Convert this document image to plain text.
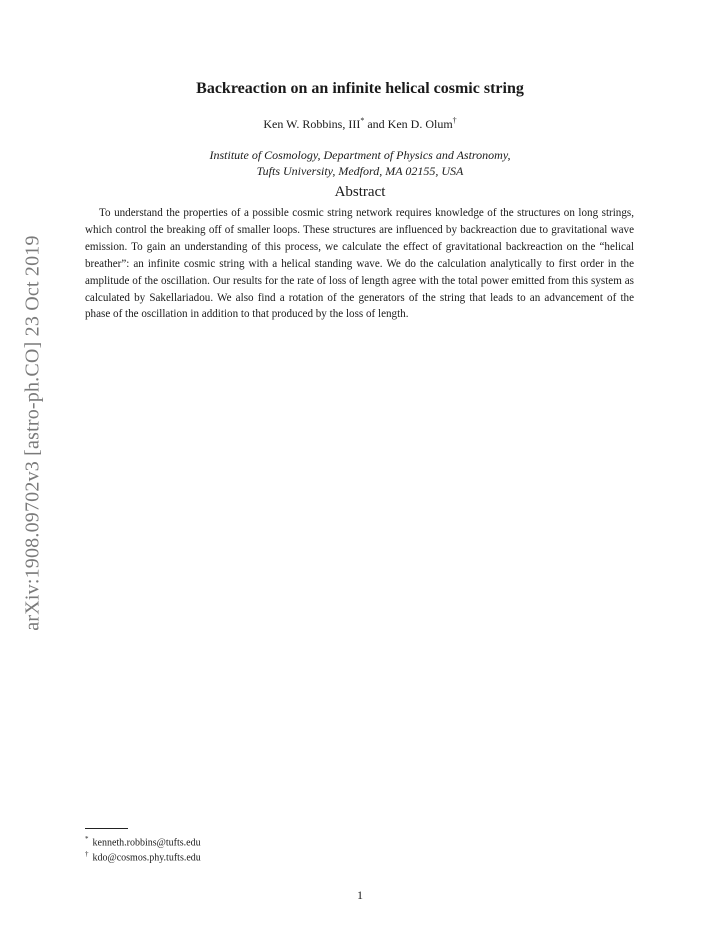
arXiv:1908.09702v3 [astro-ph.CO] 23 Oct 2019
Backreaction on an infinite helical cosmic string
Ken W. Robbins, III* and Ken D. Olum†
Institute of Cosmology, Department of Physics and Astronomy,
Tufts University, Medford, MA 02155, USA
Abstract

To understand the properties of a possible cosmic string network requires knowledge of the structures on long strings, which control the breaking off of smaller loops. These structures are influenced by backreaction due to gravitational wave emission. To gain an understanding of this process, we calculate the effect of gravitational backreaction on the “helical breather”: an infinite cosmic string with a helical standing wave. We do the calculation analytically to first order in the amplitude of the oscillation. Our results for the rate of loss of length agree with the total power emitted from this system as calculated by Sakellariadou. We also find a rotation of the generators of the string that leads to an advancement of the phase of the oscillation in addition to that produced by the loss of length.

* kenneth.robbins@tufts.edu
† kdo@cosmos.phy.tufts.edu
1
